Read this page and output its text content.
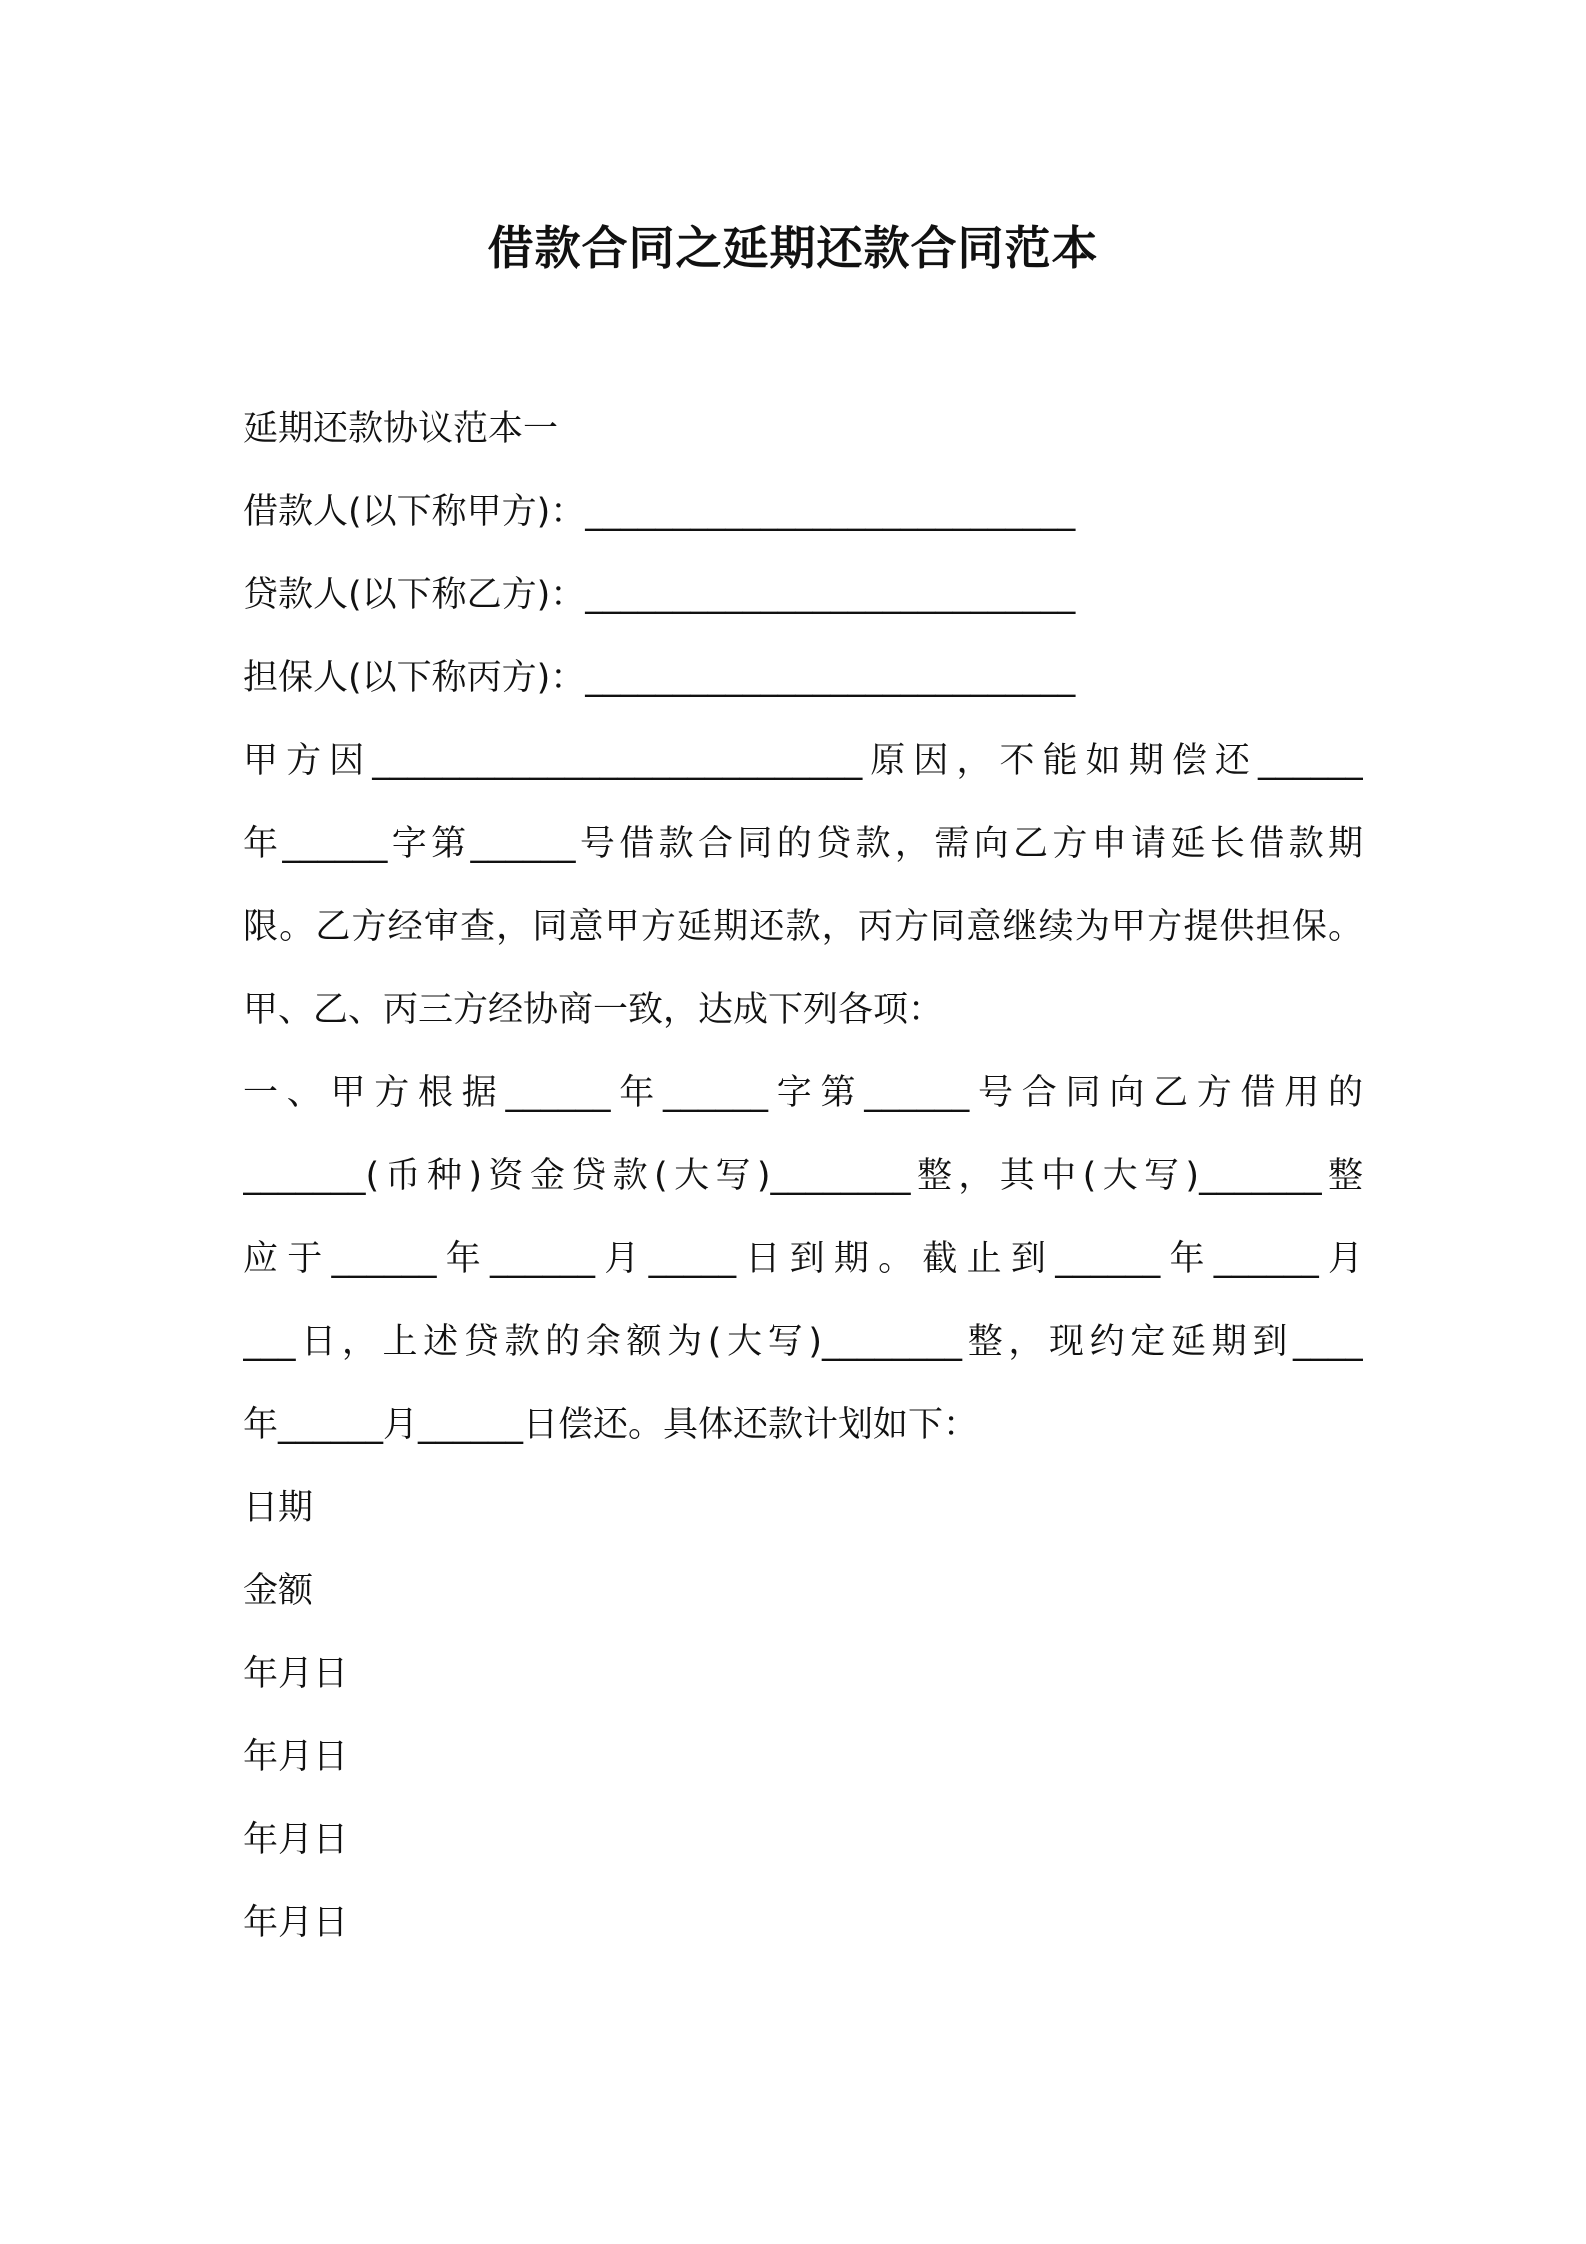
借款合同之延期还款合同范本
延期还款协议范本一
借款人(以下称甲方)：____________________________
贷款人(以下称乙方)：____________________________
担保人(以下称丙方)：____________________________
甲方因____________________________原因，不能如期偿还______
年______字第______号借款合同的贷款，需向乙方申请延长借款期
限。乙方经审查，同意甲方延期还款，丙方同意继续为甲方提供担保。
甲、乙、丙三方经协商一致，达成下列各项：
一、甲方根据______年______字第______号合同向乙方借用的
_______(币种)资金贷款(大写)________整，其中(大写)_______整
应于______年______月_____日到期。截止到______年______月
___日，上述贷款的余额为(大写)________整，现约定延期到____
年______月______日偿还。具体还款计划如下：
日期
金额
年月日
年月日
年月日
年月日
